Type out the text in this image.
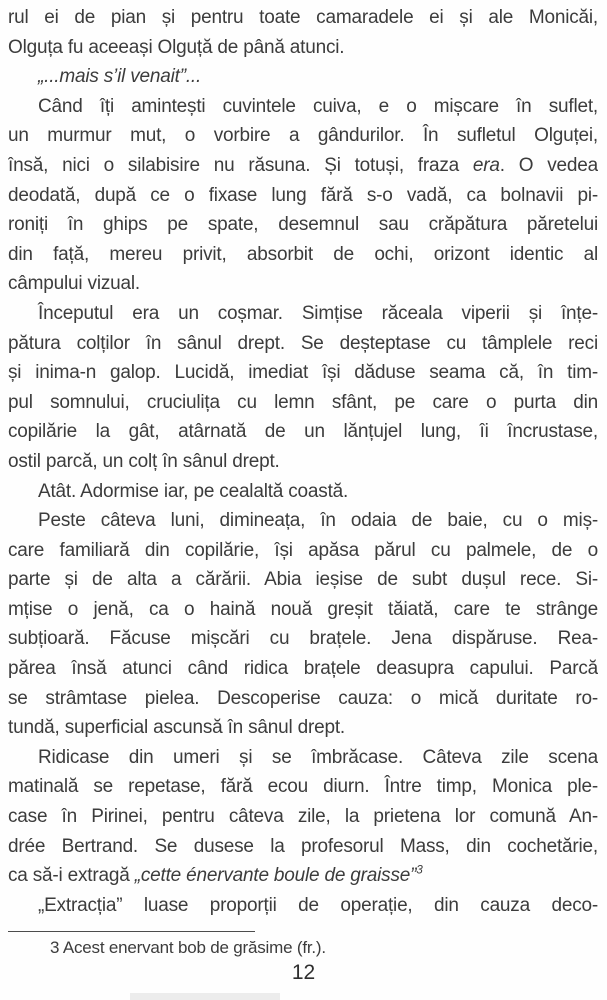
rul ei de pian și pentru toate camaradele ei și ale Monicăi,
Olguța fu aceeași Olguță de până atunci.
„...mais s’il venait”...
Când îți amintești cuvintele cuiva, e o mișcare în suflet,
un murmur mut, o vorbire a gândurilor. În sufletul Olguței,
însă, nici o silabisire nu răsuna. Și totuși, fraza era. O vedea
deodată, după ce o fixase lung fără s-o vadă, ca bolnavii pi-
roniți în ghips pe spate, desemnul sau crăpătura păretelui
din față, mereu privit, absorbit de ochi, orizont identic al
câmpului vizual.
Începutul era un coșmar. Simțise răceala viperii și înțe-
pătura colților în sânul drept. Se deșteptase cu tâmplele reci
și inima-n galop. Lucidă, imediat își dăduse seama că, în tim-
pul somnului, cruciulița cu lemn sfânt, pe care o purta din
copilărie la gât, atârnată de un lănțujel lung, îi încrustase,
ostil parcă, un colț în sânul drept.
Atât. Adormise iar, pe cealaltă coastă.
Peste câteva luni, dimineața, în odaia de baie, cu o miș-
care familiară din copilărie, își apăsa părul cu palmele, de o
parte și de alta a cărării. Abia ieșise de subt dușul rece. Si-
mțise o jenă, ca o haină nouă greșit tăiată, care te strânge
subțioară. Făcuse mișcări cu brațele. Jena dispăruse. Rea-
părea însă atunci când ridica brațele deasupra capului. Parcă
se strâmtase pielea. Descoperise cauza: o mică duritate ro-
tundă, superficial ascunsă în sânul drept.
Ridicase din umeri și se îmbrăcase. Câteva zile scena
matinală se repetase, fără ecou diurn. Între timp, Monica ple-
case în Pirinei, pentru câteva zile, la prietena lor comună An-
drée Bertrand. Se dusese la profesorul Mass, din cochetărie,
ca să-i extragă „cette énervante boule de graisse”$^3$
„Extracția” luase proporții de operație, din cauza deco-
3 Acest enervant bob de grăsime (fr.).
12
